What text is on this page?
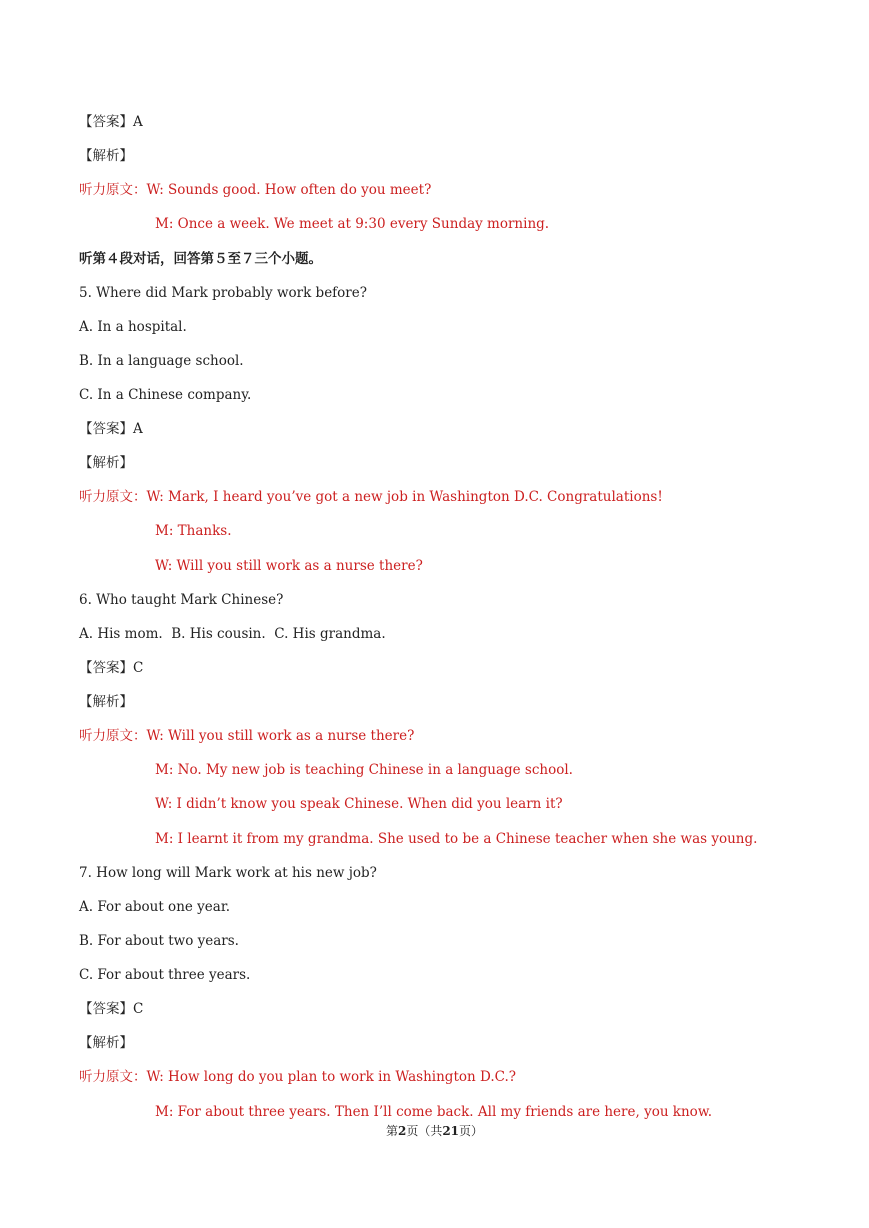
【答案】A
【解析】
听力原文：W: Sounds good. How often do you meet?
M: Once a week. We meet at 9:30 every Sunday morning.
听第４段对话，回答第５至７三个小题。
5. Where did Mark probably work before?
A. In a hospital.
B. In a language school.
C. In a Chinese company.
【答案】A
【解析】
听力原文：W: Mark, I heard you’ve got a new job in Washington D.C. Congratulations!
M: Thanks.
W: Will you still work as a nurse there?
6. Who taught Mark Chinese?
A. His mom.  B. His cousin.  C. His grandma.
【答案】C
【解析】
听力原文：W: Will you still work as a nurse there?
M: No. My new job is teaching Chinese in a language school.
W: I didn’t know you speak Chinese. When did you learn it?
M: I learnt it from my grandma. She used to be a Chinese teacher when she was young.
7. How long will Mark work at his new job?
A. For about one year.
B. For about two years.
C. For about three years.
【答案】C
【解析】
听力原文：W: How long do you plan to work in Washington D.C.?
M: For about three years. Then I’ll come back. All my friends are here, you know.
第2页（共21页）
